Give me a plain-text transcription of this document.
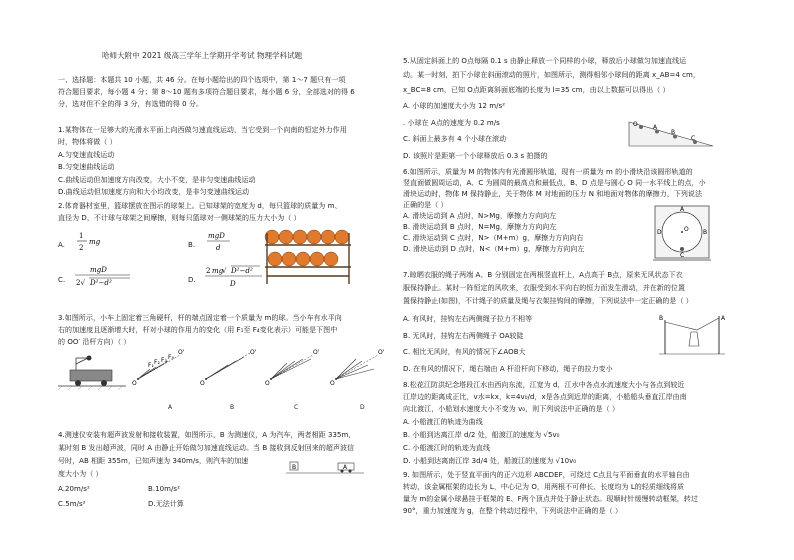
哈师大附中 2021 级高三学年上学期开学考试 物理学科试题
一、选择题：本题共 10 小题，共 46 分。在每小题给出的四个选项中，第 1～7 题只有一项
符合题目要求，每小题 4 分；第 8～10 题有多项符合题目要求，每小题 6 分，全部选对的得 6
分，选对但不全的得 3 分，有选错的得 0 分。
1.某物体在一足够大的光滑水平面上向西做匀速直线运动，当它受到一个向南的恒定外力作用
时，物体将做（ ）
A.匀变速直线运动
B.匀变速曲线运动
C.曲线运动但加速度方向改变，大小不变，是非匀变速曲线运动
D.曲线运动但加速度方向和大小均改变，是非匀变速曲线运动
2.体育器材室里，篮球摆放在图示的球架上。已知球架的宽度为 d，每只篮球的质量为 m、
直径为 D，不计球与球架之间摩擦，则每只篮球对一侧球架的压力大小为（ ）
A.
1
2
mg	B.
mgD
d
C.
mgD
2√ D²−d²	D.
2 mg
√ D²−d²
D
3.如图所示，小车上固定着三角硬杆，杆的端点固定着一个质量为 m的球。当小车有水平向
右的加速度且逐渐增大时，杆对小球的作用力的变化（用 F₁至 F₄变化表示）可能是下图中
的 OO′ 沿杆方向）（ ）
O
O'
F₁ F₂ F₃ F₄
O
O'
O
O'
O
O'
A	B	C	D
4.测速仪安装有超声波发射和接收装置，如图所示，B 为测速仪，A 为汽车，两者相距 335m，
某时刻 B 发出超声波，同时 A 由静止开始做匀加速直线运动。当 B 接收到反射回来的超声波信
号时，AB 相距 355m，已知声速为 340m/s，则汽车的加速
度大小为（ ）
B	A
A.20m/s²	B.10m/s²
C.5m/s²	D.无法计算
5.从固定斜面上的 O点每隔 0.1 s 由静止释放一个同样的小球，释放后小球做匀加速直线运
动。某一时刻，拍下小球在斜面滚动的照片，如图所示，测得相邻小球间的距离 x_AB=4 cm，
x_BC=8 cm，已知 O点距离斜面底端的长度为 l=35 cm，由以上数据可以得出（ ）
A. 小球的加速度大小为 12 m/s²
. 小球在 A点的速度为 0.2 m/s
C. 斜面上最多有 4 个小球在滚动
D. 该照片是距第一个小球释放后 0.3 s 拍摄的
O	A
B
C
6.如图所示，质量为 M 的物体内有光滑圆形轨道，现有一质量为 m 的小滑块沿该圆形轨道的
竖直面做圆周运动，A、C 为圆周的最高点和最低点，B、D 点是与圆心 O 同一水平线上的点，小
滑块运动时，物体 M 保持静止，关于物体 M 对地面的压力 N 和地面对物体的摩擦力，下列说法
正确的是（ ）
A. 滑块运动到 A 点时，N>Mg，摩擦力方向向左
B. 滑块运动到 B 点时，N=Mg，摩擦力方向向左
C. 滑块运动到 C 点时，N>（M+m）g，摩擦力方向向右
D. 滑块运动到 D 点时，N<（M+m）g，摩擦力方向向左
A
B
C
D	O
7.晾晒衣服的绳子两端 A、B 分别固定在两根竖直杆上，A点高于 B点，原来无风状态下衣
服保持静止。某时一阵恒定的风吹来，衣服受到水平向右的恒力而发生滑动，并在新的位置
置保持静止(如图)，不计绳子的质量及绳与衣架挂钩间的摩擦，下列说法中一定正确的是（ ）
A. 有风时，挂钩左右两侧绳子拉力不相等
B. 无风时，挂钩左右两侧绳子 OA较陡
C. 相比无风时，有风的情况下∠AOB大
D. 在有风的情况下，绳右端由 A 杆沿杆向下移动，绳子的拉力变小
A
B
8.松花江防洪纪念塔段江水由西向东流，江宽为 d，江水中各点水流速度大小与各点到较近
江岸边的距离成正比，v水=kx，k=4v₀/d，x是各点到近岸的距离，小船船头垂直江岸由南
向北渡江，小船划水速度大小不变为 v₀，则下列说法中正确的是（ ）
A. 小船渡江的轨迹为曲线
B. 小船到达离江岸 d/2 处，船渡江的速度为 √5v₀
C. 小船渡江时的轨迹为直线
D. 小船到达离南江岸 3d/4 处，船渡江的速度为 √10v₀
9. 如图所示，处于竖直平面内的正六边形 ABCDEF，可绕过 C点且与平面垂直的水平轴自由
转动，该金属框架的边长为 L，中心记为 O，用两根不可伸长、长度均为 L的轻质细线将质
量为 m的金属小球悬挂于框架的 E、F两个顶点并处于静止状态。现顺时针缓慢转动框架，转过
90°，重力加速度为 g，在整个转动过程中，下列说法中正确的是（ ）
